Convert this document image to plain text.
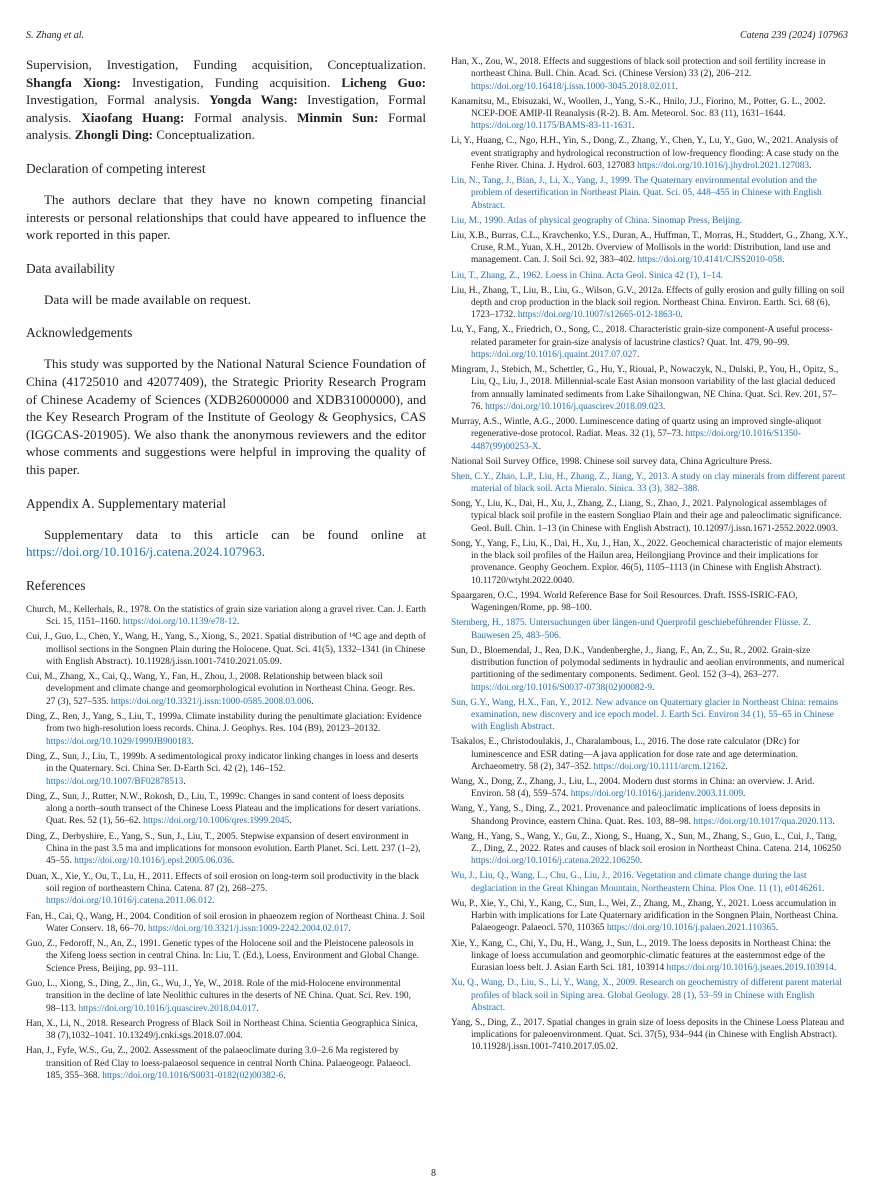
S. Zhang et al.	Catena 239 (2024) 107963

Supervision, Investigation, Funding acquisition, Conceptualization. Shangfa Xiong: Investigation, Funding acquisition. Licheng Guo: Investigation, Formal analysis. Yongda Wang: Investigation, Formal analysis. Xiaofang Huang: Formal analysis. Minmin Sun: Formal analysis. Zhongli Ding: Conceptualization.

Declaration of competing interest

The authors declare that they have no known competing financial interests or personal relationships that could have appeared to influence the work reported in this paper.

Data availability

Data will be made available on request.

Acknowledgements

This study was supported by the National Natural Science Foundation of China (41725010 and 42077409), the Strategic Priority Research Program of Chinese Academy of Sciences (XDB26000000 and XDB31000000), and the Key Research Program of the Institute of Geology & Geophysics, CAS (IGGCAS-201905). We also thank the anonymous reviewers and the editor whose comments and suggestions were helpful in improving the quality of this paper.

Appendix A. Supplementary material

Supplementary data to this article can be found online at https://doi.org/10.1016/j.catena.2024.107963.

References

Church, M., Kellerhals, R., 1978. On the statistics of grain size variation along a gravel river. Can. J. Earth Sci. 15, 1151–1160. https://doi.org/10.1139/e78-12.

Cui, J., Guo, L., Chen, Y., Wang, H., Yang, S., Xiong, S., 2021. Spatial distribution of ¹⁴C age and depth of mollisol sections in the Songnen Plain during the Holocene. Quat. Sci. 41(5), 1332–1341 (in Chinese with English Abstract). 10.11928/j.issn.1001-7410.2021.05.09.

Cui, M., Zhang, X., Cai, Q., Wang, Y., Fan, H., Zhou, J., 2008. Relationship between black soil development and climate change and geomorphological evolution in Northeast China. Geogr. Res. 27 (3), 527–535. https://doi.org/10.3321/j.issn:1000-0585.2008.03.006.

Ding, Z., Ren, J., Yang, S., Liu, T., 1999a. Climate instability during the penultimate glaciation: Evidence from two high-resolution loess records. China. J. Geophys. Res. 104 (B9), 20123–20132. https://doi.org/10.1029/1999JB900183.

Ding, Z., Sun, J., Liu, T., 1999b. A sedimentological proxy indicator linking changes in loess and deserts in the Quaternary. Sci. China Ser. D-Earth Sci. 42 (2), 146–152. https://doi.org/10.1007/BF02878513.

Ding, Z., Sun, J., Rutter, N.W., Rokosh, D., Liu, T., 1999c. Changes in sand content of loess deposits along a north–south transect of the Chinese Loess Plateau and the implications for desert variations. Quat. Res. 52 (1), 56–62. https://doi.org/10.1006/qres.1999.2045.

Ding, Z., Derbyshire, E., Yang, S., Sun, J., Liu, T., 2005. Stepwise expansion of desert environment in China in the past 3.5 ma and implications for monsoon evolution. Earth Planet. Sci. Lett. 237 (1–2), 45–55. https://doi.org/10.1016/j.epsl.2005.06.036.

Duan, X., Xie, Y., Ou, T., Lu, H., 2011. Effects of soil erosion on long-term soil productivity in the black soil region of northeastern China. Catena. 87 (2), 268–275. https://doi.org/10.1016/j.catena.2011.06.012.

Fan, H., Cai, Q., Wang, H., 2004. Condition of soil erosion in phaeozem region of Northeast China. J. Soil Water Conserv. 18, 66–70. https://doi.org/10.3321/j.issn:1009-2242.2004.02.017.

Guo, Z., Fedoroff, N., An, Z., 1991. Genetic types of the Holocene soil and the Pleistocene paleosols in the Xifeng loess section in central China. In: Liu, T. (Ed.), Loess, Environment and Global Change. Science Press, Beijing, pp. 93–111.

Guo, L., Xiong, S., Ding, Z., Jin, G., Wu, J., Ye, W., 2018. Role of the mid-Holocene environmental transition in the decline of late Neolithic cultures in the deserts of NE China. Quat. Sci. Rev. 190, 98–113. https://doi.org/10.1016/j.quascirev.2018.04.017.

Han, X., Li, N., 2018. Research Progress of Black Soil in Northeast China. Scientia Geographica Sinica, 38 (7),1032–1041. 10.13249/j.cnki.sgs.2018.07.004.

Han, J., Fyfe, W.S., Gu, Z., 2002. Assessment of the palaeoclimate during 3.0–2.6 Ma registered by transition of Red Clay to loess-palaeosol sequence in central North China. Palaeogeogr. Palaeocl. 185, 355–368. https://doi.org/10.1016/S0031-0182(02)00382-6.

Han, X., Zou, W., 2018. Effects and suggestions of black soil protection and soil fertility increase in northeast China. Bull. Chin. Acad. Sci. (Chinese Version) 33 (2), 206–212. https://doi.org/10.16418/j.issn.1000-3045.2018.02.011.

Kanamitsu, M., Ebisuzaki, W., Woollen, J., Yang, S.-K., Hnilo, J.J., Fiorino, M., Potter, G. L., 2002. NCEP-DOE AMIP-II Reanalysis (R-2). B. Am. Meteorol. Soc. 83 (11), 1631–1644. https://doi.org/10.1175/BAMS-83-11-1631.

Li, Y., Huang, C., Ngo, H.H., Yin, S., Dong, Z., Zhang, Y., Chen, Y., Lu, Y., Guo, W., 2021. Analysis of event stratigraphy and hydrological reconstruction of low-frequency flooding: A case study on the Fenhe River. China. J. Hydrol. 603, 127083 https://doi.org/10.1016/j.jhydrol.2021.127083.

Lin, N., Tang, J., Bian, J., Li, X., Yang, J., 1999. The Quaternary environmental evolution and the problem of desertification in Northeast Plain. Quat. Sci. 05, 448–455 in Chinese with English Abstract.

Liu, M., 1990. Atlas of physical geography of China. Sinomap Press, Beijing.

Liu, X.B., Burras, C.L., Kravchenko, Y.S., Duran, A., Huffman, T., Morras, H., Studdert, G., Zhang, X.Y., Cruse, R.M., Yuan, X.H., 2012b. Overview of Mollisols in the world: Distribution, land use and management. Can. J. Soil Sci. 92, 383–402. https://doi.org/10.4141/CJSS2010-058.

Liu, T., Zhang, Z., 1962. Loess in China. Acta Geol. Sinica 42 (1), 1–14.

Liu, H., Zhang, T., Liu, B., Liu, G., Wilson, G.V., 2012a. Effects of gully erosion and gully filling on soil depth and crop production in the black soil region. Northeast China. Environ. Earth. Sci. 68 (6), 1723–1732. https://doi.org/10.1007/s12665-012-1863-0.

Lu, Y., Fang, X., Friedrich, O., Song, C., 2018. Characteristic grain-size component-A useful process-related parameter for grain-size analysis of lacustrine clastics? Quat. Int. 479, 90–99. https://doi.org/10.1016/j.quaint.2017.07.027.

Mingram, J., Stebich, M., Schettler, G., Hu, Y., Rioual, P., Nowaczyk, N., Dulski, P., You, H., Opitz, S., Liu, Q., Liu, J., 2018. Millennial-scale East Asian monsoon variability of the last glacial deduced from annually laminated sediments from Lake Sihailongwan, NE China. Quat. Sci. Rev. 201, 57–76. https://doi.org/10.1016/j.quascirev.2018.09.023.

Murray, A.S., Wintle, A.G., 2000. Luminescence dating of quartz using an improved single-aliquot regenerative-dose protocol. Radiat. Meas. 32 (1), 57–73. https://doi.org/10.1016/S1350-4487(99)00253-X.

National Soil Survey Office, 1998. Chinese soil survey data, China Agriculture Press.

Shen, C.Y., Zhao, L.P., Liu, H., Zhang, Z., Jiang, Y., 2013. A study on clay minerals from different parent material of black soil. Acta Mieralo. Sinica. 33 (3), 382–388.

Song, Y., Liu, K., Dai, H., Xu, J., Zhang, Z., Liang, S., Zhao, J., 2021. Palynological assemblages of typical black soil profile in the eastern Songliao Plain and their age and paleoclimatic significance. Geol. Bull. Chin. 1–13 (in Chinese with English Abstract). 10.12097/j.issn.1671-2552.2022.0903.

Song, Y., Yang, F., Liu, K., Dai, H., Xu, J., Han, X., 2022. Geochemical characteristic of major elements in the black soil profiles of the Hailun area, Heilongjiang Province and their implications for provenance. Geophy Geochem. Explor. 46(5), 1105–1113 (in Chinese with English Abstract). 10.11720/wtyht.2022.0040.

Spaargaren, O.C., 1994. World Reference Base for Soil Resources. Draft. ISSS-ISRIC-FAO, Wageningen/Rome, pp. 98–100.

Sternberg, H., 1875. Untersuchungen über längen-und Querprofil geschiebeführender Flüsse. Z. Bauwesen 25, 483–506.

Sun, D., Bloemendal, J., Rea, D.K., Vandenberghe, J., Jiang, F., An, Z., Su, R., 2002. Grain-size distribution function of polymodal sediments in hydraulic and aeolian environments, and numerical partitioning of the sedimentary components. Sediment. Geol. 152 (3–4), 263–277. https://doi.org/10.1016/S0037-0738(02)00082-9.

Sun, G.Y., Wang, H.X., Fan, Y., 2012. New advance on Quaternary glacier in Northeast China: remains examination, new discovery and ice epoch model. J. Earth Sci. Environ 34 (1), 55–65 in Chinese with English Abstract.

Tsakalos, E., Christodoulakis, J., Charalambous, L., 2016. The dose rate calculator (DRc) for luminescence and ESR dating—A java application for dose rate and age determination. Archaeometry. 58 (2), 347–352. https://doi.org/10.1111/arcm.12162.

Wang, X., Dong, Z., Zhang, J., Liu, L., 2004. Modern dust storms in China: an overview. J. Arid. Environ. 58 (4), 559–574. https://doi.org/10.1016/j.jaridenv.2003.11.009.

Wang, Y., Yang, S., Ding, Z., 2021. Provenance and paleoclimatic implications of loess deposits in Shandong Province, eastern China. Quat. Res. 103, 88–98. https://doi.org/10.1017/qua.2020.113.

Wang, H., Yang, S., Wang, Y., Gu, Z., Xiong, S., Huang, X., Sun, M., Zhang, S., Guo, L., Cui, J., Tang, Z., Ding, Z., 2022. Rates and causes of black soil erosion in Northeast China. Catena. 214, 106250 https://doi.org/10.1016/j.catena.2022.106250.

Wu, J., Liu, Q., Wang, L., Chu, G., Liu, J., 2016. Vegetation and climate change during the last deglaciation in the Great Khingan Mountain, Northeastern China. Plos One. 11 (1), e0146261.

Wu, P., Xie, Y., Chi, Y., Kang, C., Sun, L., Wei, Z., Zhang, M., Zhang, Y., 2021. Loess accumulation in Harbin with implications for Late Quaternary aridification in the Songnen Plain, Northeast China. Palaeogeogr. Palaeocl. 570, 110365 https://doi.org/10.1016/j.palaeo.2021.110365.

Xie, Y., Kang, C., Chi, Y., Du, H., Wang, J., Sun, L., 2019. The loess deposits in Northeast China: the linkage of loess accumulation and geomorphic-climatic features at the easternmost edge of the Eurasian loess belt. J. Asian Earth Sci. 181, 103914 https://doi.org/10.1016/j.jseaes.2019.103914.

Xu, Q., Wang, D., Liu, S., Li, Y., Wang, X., 2009. Research on geochemistry of different parent material profiles of black soil in Siping area. Global Geology. 28 (1), 53–59 in Chinese with English Abstract.

Yang, S., Ding, Z., 2017. Spatial changes in grain size of loess deposits in the Chinese Loess Plateau and implications for paleoenvironment. Quat. Sci. 37(5), 934–944 (in Chinese with English Abstract). 10.11928/j.issn.1001-7410.2017.05.02.

8
